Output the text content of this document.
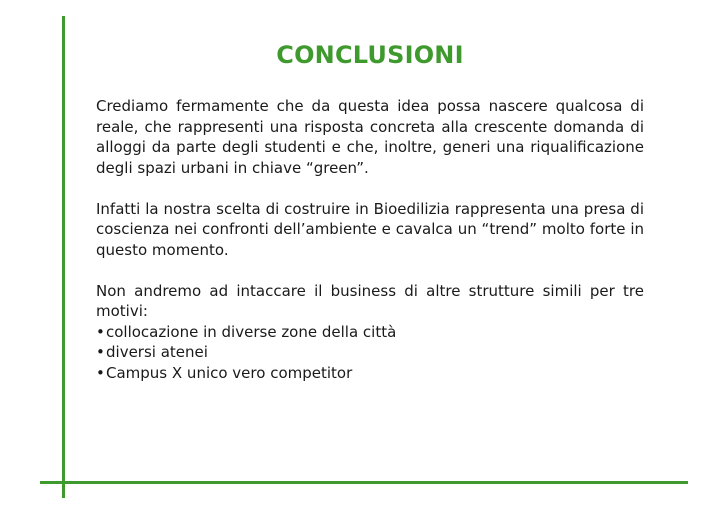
CONCLUSIONI

Crediamo fermamente che da questa idea possa nascere qualcosa di reale, che rappresenti una risposta concreta alla crescente domanda di alloggi da parte degli studenti e che, inoltre, generi una riqualificazione degli spazi urbani in chiave “green”.

Infatti la nostra scelta di costruire in Bioedilizia rappresenta una presa di coscienza nei confronti dell’ambiente e cavalca un “trend” molto forte in questo momento.

Non andremo ad intaccare il business di altre strutture simili per tre motivi:

•collocazione in diverse zone della città
•diversi atenei
•Campus X unico vero competitor
